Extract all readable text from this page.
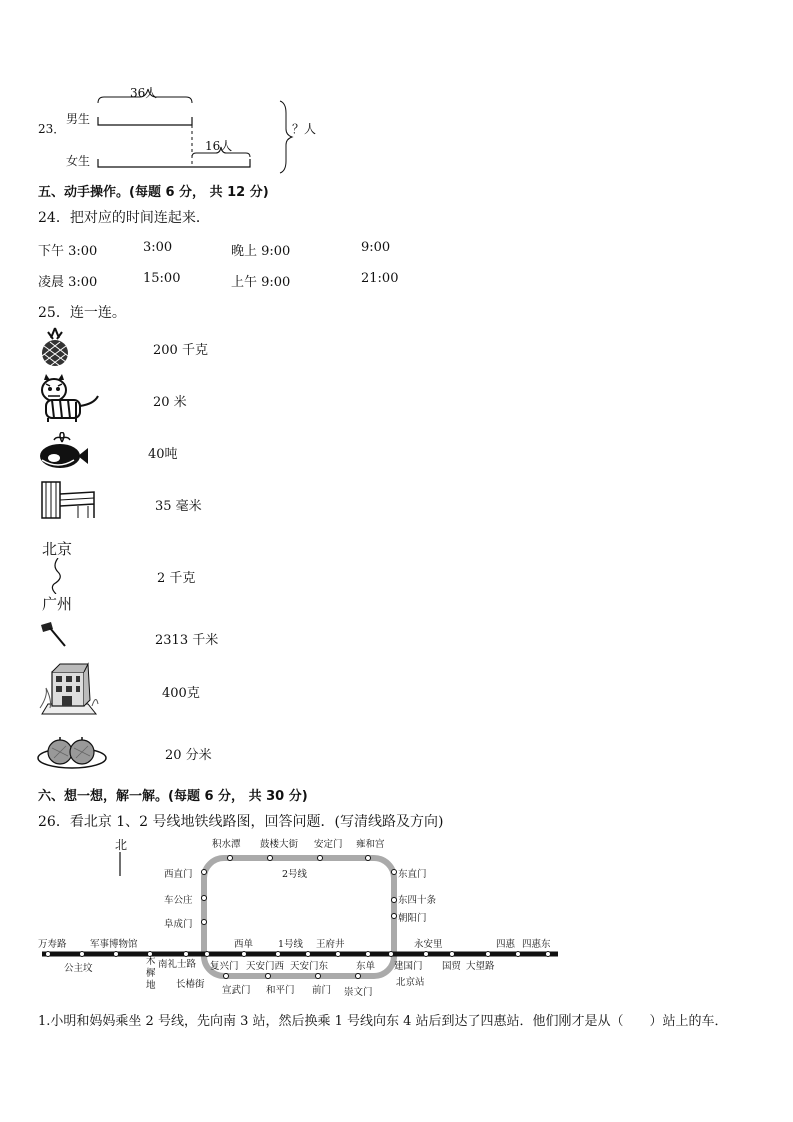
23．
男生
女生
36人
16人
？人
五、动手操作。(每题 6 分， 共 12 分)
24．把对应的时间连起来．
下午 3:00	3:00	晚上 9:00	9:00
凌晨 3:00	15:00	上午 9:00	21:00
25．连一连。
200 千克
20 米
40吨
35 毫米
北京
广州
2 千克
2313 千米
400克
20 分米
六、想一想，解一解。(每题 6 分， 共 30 分)
26．看北京 1、2 号线地铁线路图，回答问题．(写清线路及方向)
北	积水潭 鼓楼大街 安定门 雍和宫
西直门	东直门
2号线
车公庄	东四十条
阜成门
朝阳门
万寿路 军事博物馆	西单	1号线 王府井	永安里	四惠 四惠东
公主坟
木樨地
南礼士路 复兴门 天安门西 天安门东	东单 建国门 国贸 大望路
长椿街
宣武门 和平门 前门 崇文门
北京站
1.小明和妈妈乘坐 2 号线，先向南 3 站，然后换乘 1 号线向东 4 站后到达了四惠站．他们刚才是从（　　）站上的车．
